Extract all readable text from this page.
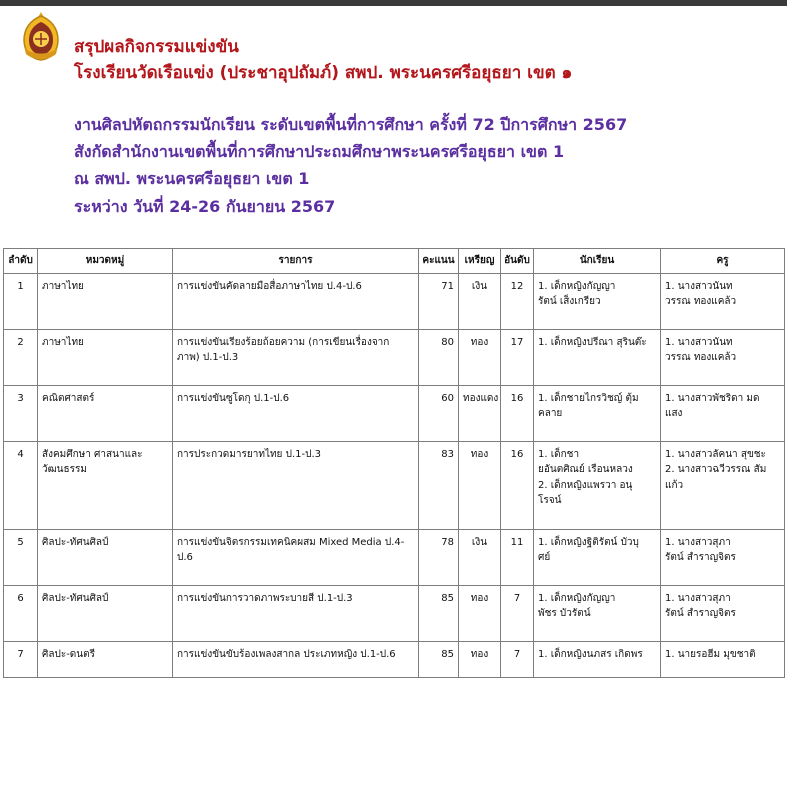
สรุปผลกิจกรรมแข่งขัน
โรงเรียนวัดเรือแข่ง (ประชาอุปถัมภ์) สพป. พระนครศรีอยุธยา เขต ๑
งานศิลปหัตถกรรมนักเรียน ระดับเขตพื้นที่การศึกษา ครั้งที่ 72 ปีการศึกษา 2567
สังกัดสำนักงานเขตพื้นที่การศึกษาประถมศึกษาพระนครศรีอยุธยา เขต 1
ณ สพป. พระนครศรีอยุธยา เขต 1
ระหว่าง วันที่ 24-26 กันยายน 2567
ลำดับ	หมวดหมู่	รายการ	คะแนน	เหรียญ	อันดับ	นักเรียน	ครู
1	ภาษาไทย	การแข่งขันคัดลายมือสื่อภาษาไทย ป.4-ป.6	71	เงิน	12	1. เด็กหญิงกัญญา
รัตน์ เส็งเกรียว	1. นางสาวนันท
วรรณ ทองแคล้ว

2	ภาษาไทย	การแข่งขันเรียงร้อยถ้อยความ (การเขียนเรื่องจาก
ภาพ) ป.1-ป.3	80	ทอง	17	1. เด็กหญิงปรีณา สุรินต๊ะ	1. นางสาวนันท
วรรณ ทองแคล้ว

3	คณิตศาสตร์	การแข่งขันซูโดกุ ป.1-ป.6	60	ทองแดง	16	1. เด็กชายไกรวิชญ์ ตุ้ม
คลาย	1. นางสาวพัชริดา มด
แสง

4	สังคมศึกษา ศาสนาและ
วัฒนธรรม	การประกวดมารยาทไทย ป.1-ป.3	83	ทอง	16	1. เด็กชา
ยอันตศิณย์ เรือนหลวง
2. เด็กหญิงแพรวา อนุ
โรจน์	1. นางสาวลัคนา สุขชะ
2. นางสาวฉวีวรรณ สัม
แก้ว

5	ศิลปะ-ทัศนศิลป์	การแข่งขันจิตรกรรมเทคนิคผสม Mixed Media ป.4-
ป.6	78	เงิน	11	1. เด็กหญิงฐิติรัตน์ บัวบุ
ศย์	1. นางสาวสุภา
รัตน์ สำราญจิตร

6	ศิลปะ-ทัศนศิลป์	การแข่งขันการวาดภาพระบายสี ป.1-ป.3	85	ทอง	7	1. เด็กหญิงกัญญา
พัชร บัวรัตน์	1. นางสาวสุภา
รัตน์ สำราญจิตร

7	ศิลปะ-ดนตรี	การแข่งขันขับร้องเพลงสากล ประเภทหญิง ป.1-ป.6	85	ทอง	7	1. เด็กหญิงนภสร เกิดพร	1. นายรอฮีม มุขชาติ
